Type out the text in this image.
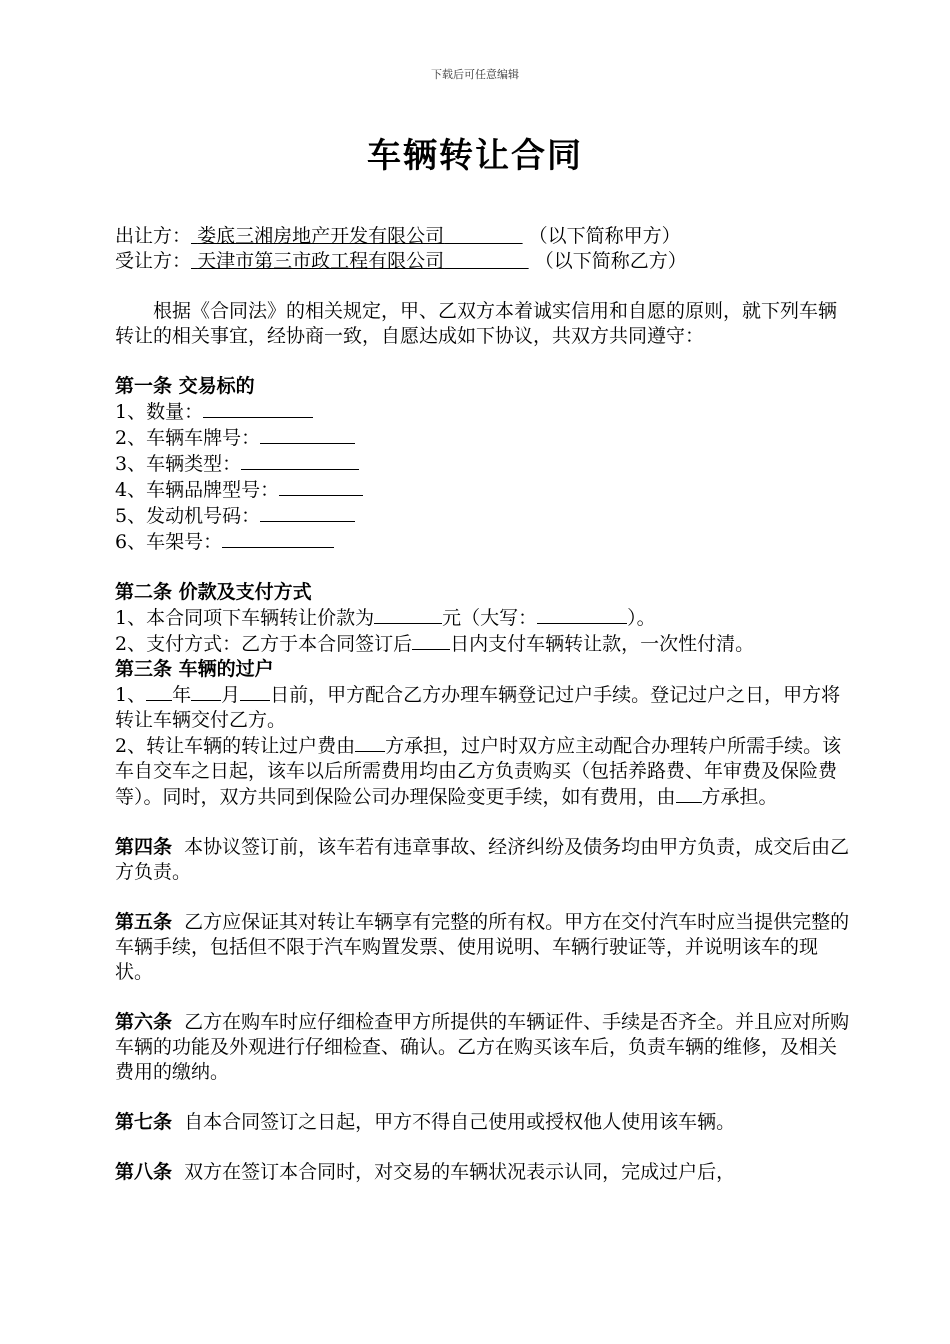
下载后可任意编辑
车辆转让合同
出让方： 娄底三湘房地产开发有限公司	（以下简称甲方）
受让方： 天津市第三市政工程有限公司	（以下简称乙方）
根据《合同法》的相关规定，甲、乙双方本着诚实信用和自愿的原则，就下列车辆转让的相关事宜，经协商一致，自愿达成如下协议，共双方共同遵守：
第一条 交易标的
1、数量：
2、车辆车牌号：
3、车辆类型：
4、车辆品牌型号：
5、发动机号码：
6、车架号：
第二条 价款及支付方式
1、本合同项下车辆转让价款为	元（大写：	）。
2、支付方式：乙方于本合同签订后 日内支付车辆转让款，一次性付清。
第三条 车辆的过户
1、 年 月 日前，甲方配合乙方办理车辆登记过户手续。登记过户之日，甲方将转让车辆交付乙方。
2、转让车辆的转让过户费由 方承担，过户时双方应主动配合办理转户所需手续。该车自交车之日起，该车以后所需费用均由乙方负责购买（包括养路费、年审费及保险费等）。同时，双方共同到保险公司办理保险变更手续，如有费用，由 方承担。
第四条 本协议签订前，该车若有违章事故、经济纠纷及债务均由甲方负责，成交后由乙方负责。
第五条 乙方应保证其对转让车辆享有完整的所有权。甲方在交付汽车时应当提供完整的车辆手续，包括但不限于汽车购置发票、使用说明、车辆行驶证等，并说明该车的现状。
第六条 乙方在购车时应仔细检查甲方所提供的车辆证件、手续是否齐全。并且应对所购车辆的功能及外观进行仔细检查、确认。乙方在购买该车后，负责车辆的维修，及相关费用的缴纳。
第七条 自本合同签订之日起，甲方不得自己使用或授权他人使用该车辆。
第八条 双方在签订本合同时，对交易的车辆状况表示认同，完成过户后，
